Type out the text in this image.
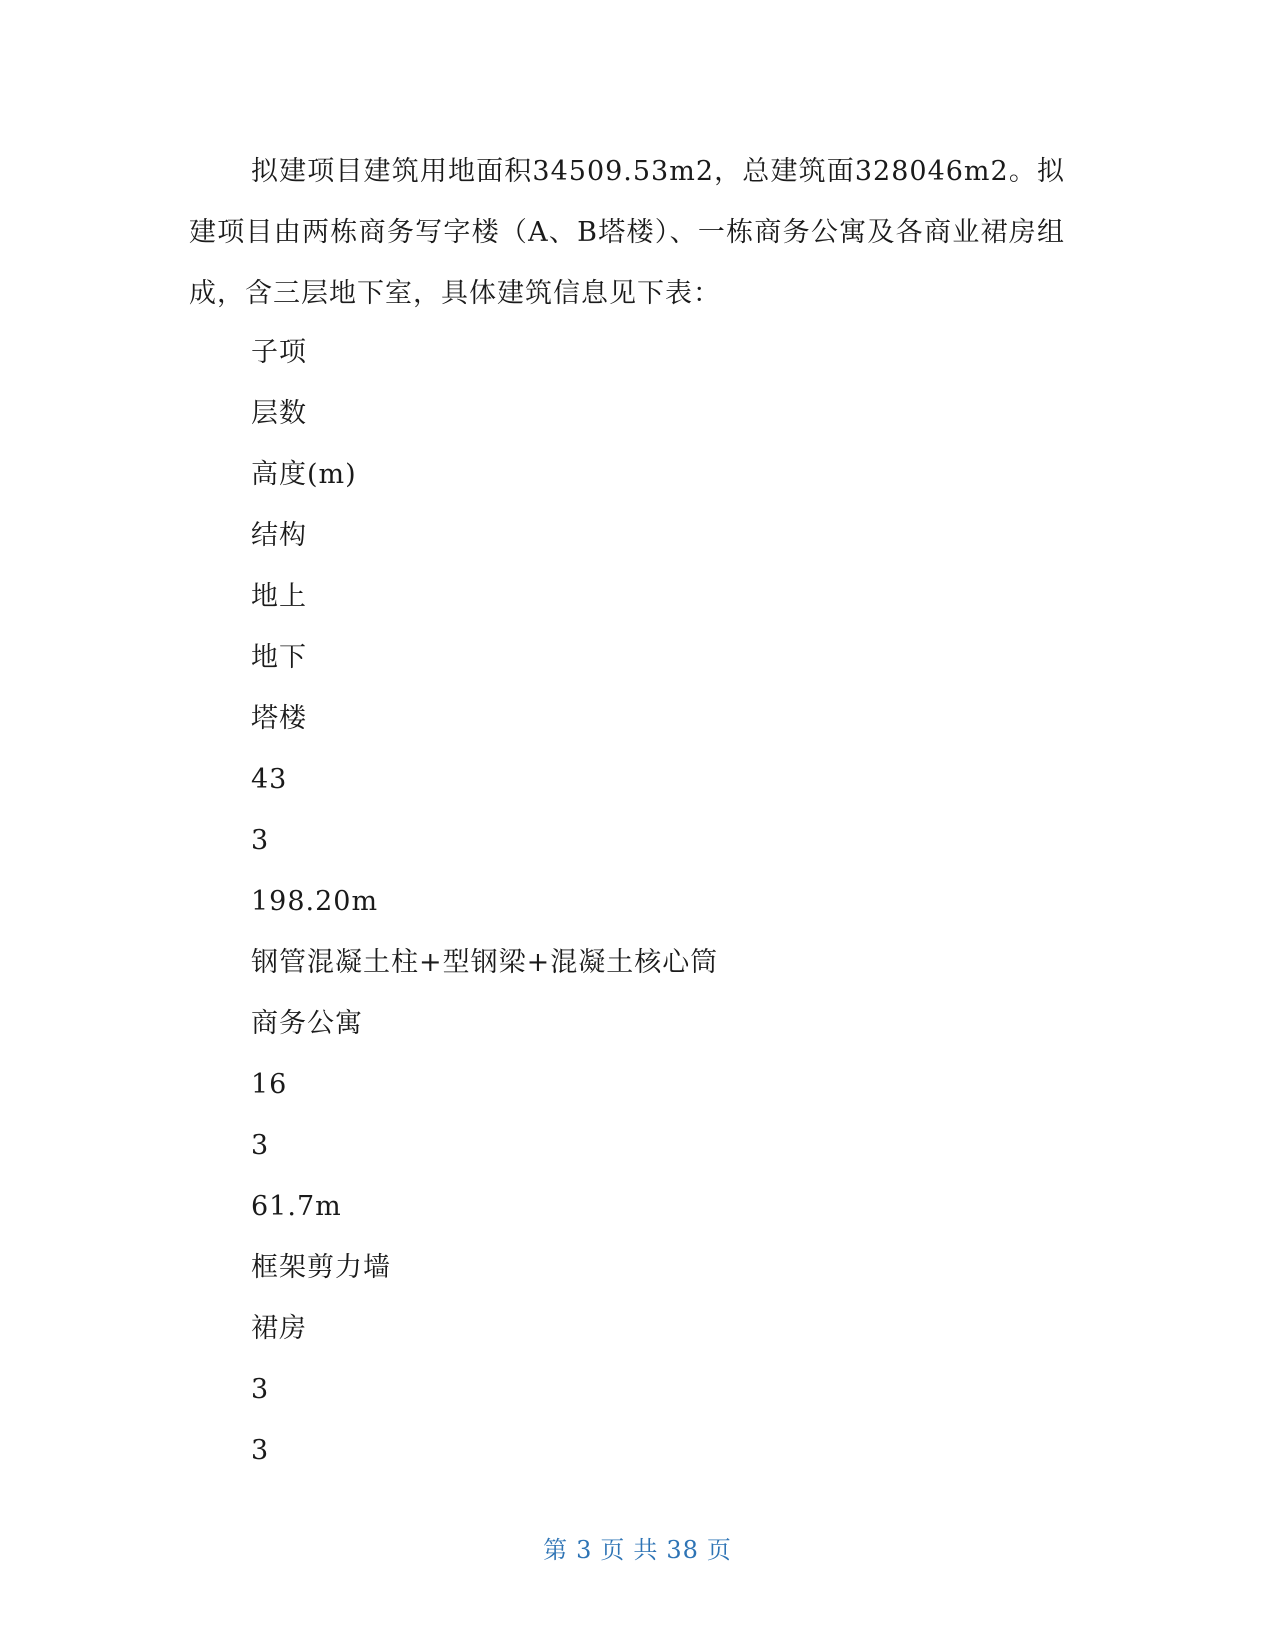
拟建项目建筑用地面积34509.53m2，总建筑面328046m2。拟建项目由两栋商务写字楼（A、B塔楼）、一栋商务公寓及各商业裙房组成，含三层地下室，具体建筑信息见下表：

子项
层数
高度(m)
结构
地上
地下
塔楼
43
3
198.20m
钢管混凝土柱+型钢梁+混凝土核心筒
商务公寓
16
3
61.7m
框架剪力墙
裙房
3
3
第 3 页 共 38 页
